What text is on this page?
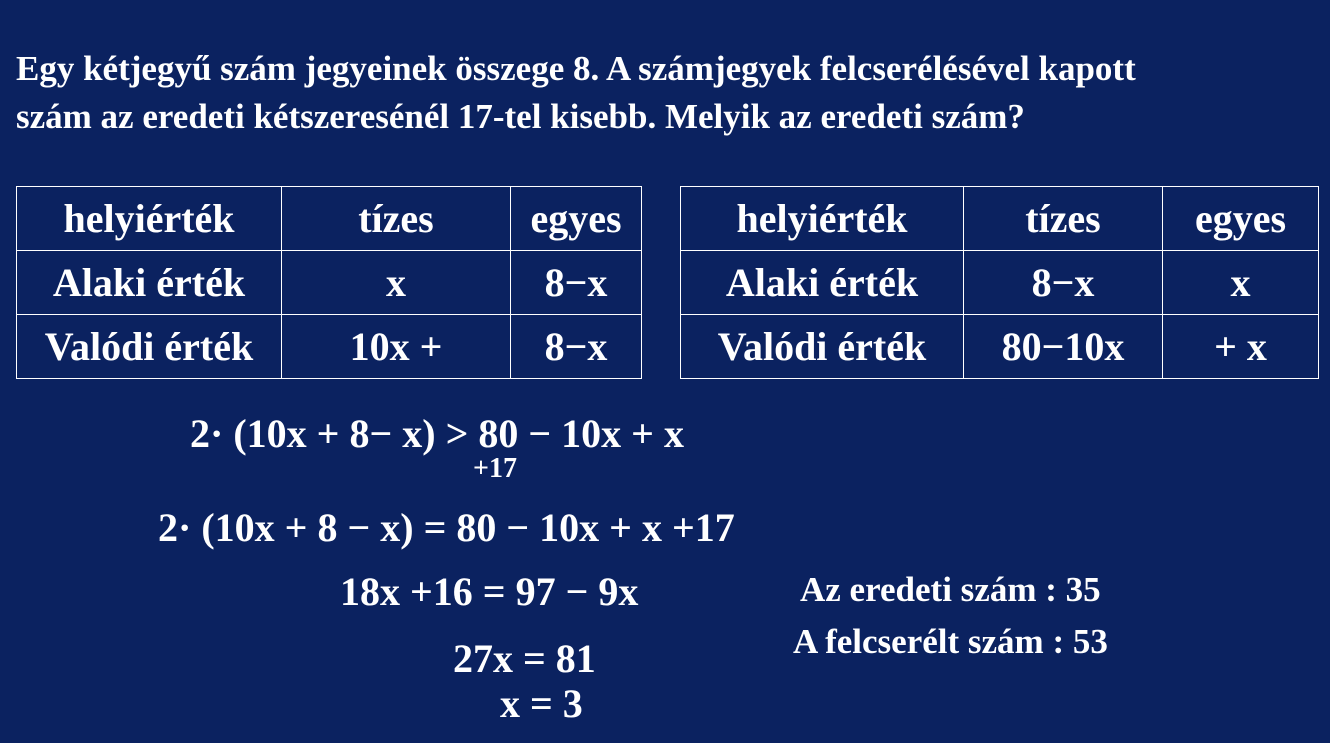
Egy kétjegyű szám jegyeinek összege 8. A számjegyek felcserélésével kapott
szám az eredeti kétszeresénél 17-tel kisebb. Melyik az eredeti szám?
helyiérték	tízes	egyes
Alaki érték	x	8−x
Valódi érték	10x +	8−x
helyiérték	tízes	egyes
Alaki érték	8−x	x
Valódi érték	80−10x	+ x
2· (10x + 8− x) > 80 − 10x + x
+17
2· (10x + 8 − x) = 80 − 10x + x +17
18x +16 = 97 − 9x
27x = 81
x = 3
Az eredeti szám : 35
A felcserélt szám : 53
